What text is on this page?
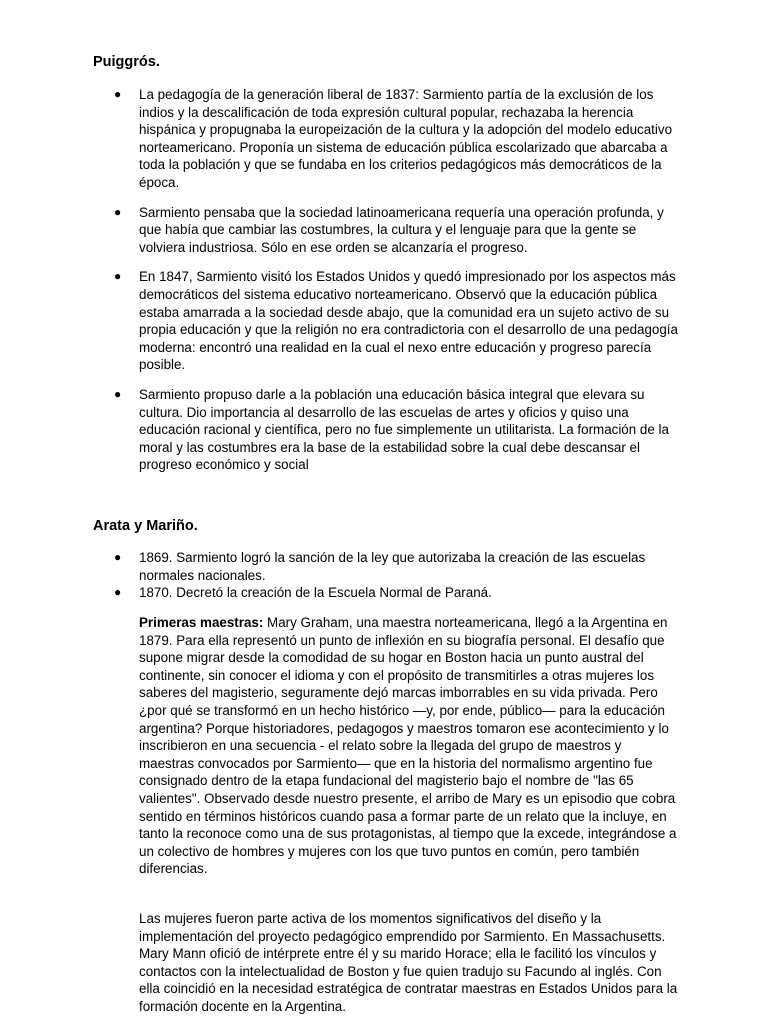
Puiggrós.
● La pedagogía de la generación liberal de 1837: Sarmiento partía de la exclusión de los indios y la descalificación de toda expresión cultural popular, rechazaba la herencia hispánica y propugnaba la europeización de la cultura y la adopción del modelo educativo norteamericano. Proponía un sistema de educación pública escolarizado que abarcaba a toda la población y que se fundaba en los criterios pedagógicos más democráticos de la época.
● Sarmiento pensaba que la sociedad latinoamericana requería una operación profunda, y que había que cambiar las costumbres, la cultura y el lenguaje para que la gente se volviera industriosa. Sólo en ese orden se alcanzaría el progreso.
● En 1847, Sarmiento visitó los Estados Unidos y quedó impresionado por los aspectos más democráticos del sistema educativo norteamericano. Observó que la educación pública estaba amarrada a la sociedad desde abajo, que la comunidad era un sujeto activo de su propia educación y que la religión no era contradictoria con el desarrollo de una pedagogía moderna: encontró una realidad en la cual el nexo entre educación y progreso parecía posible.
● Sarmiento propuso darle a la población una educación básica integral que elevara su cultura. Dio importancia al desarrollo de las escuelas de artes y oficios y quiso una educación racional y científica, pero no fue simplemente un utilitarista. La formación de la moral y las costumbres era la base de la estabilidad sobre la cual debe descansar el progreso económico y social
Arata y Mariño.
● 1869. Sarmiento logró la sanción de la ley que autorizaba la creación de las escuelas normales nacionales.
● 1870. Decretó la creación de la Escuela Normal de Paraná.

Primeras maestras: Mary Graham, una maestra norteamericana, llegó a la Argentina en 1879. Para ella representó un punto de inflexión en su biografía personal. El desafío que supone migrar desde la comodidad de su hogar en Boston hacia un punto austral del continente, sin conocer el idioma y con el propósito de transmitirles a otras mujeres los saberes del magisterio, seguramente dejó marcas imborrables en su vida privada. Pero ¿por qué se transformó en un hecho histórico —y, por ende, público— para la educación argentina? Porque historiadores, pedagogos y maestros tomaron ese acontecimiento y lo inscribieron en una secuencia - el relato sobre la llegada del grupo de maestros y maestras convocados por Sarmiento— que en la historia del normalismo argentino fue consignado dentro de la etapa fundacional del magisterio bajo el nombre de "las 65 valientes". Observado desde nuestro presente, el arribo de Mary es un episodio que cobra sentido en términos históricos cuando pasa a formar parte de un relato que la incluye, en tanto la reconoce como una de sus protagonistas, al tiempo que la excede, integrándose a un colectivo de hombres y mujeres con los que tuvo puntos en común, pero también diferencias.

Las mujeres fueron parte activa de los momentos significativos del diseño y la implementación del proyecto pedagógico emprendido por Sarmiento. En Massachusetts. Mary Mann ofició de intérprete entre él y su marido Horace; ella le facilitó los vínculos y contactos con la intelectualidad de Boston y fue quien tradujo su Facundo al inglés. Con ella coincidió en la necesidad estratégica de contratar maestras en Estados Unidos para la formación docente en la Argentina.
